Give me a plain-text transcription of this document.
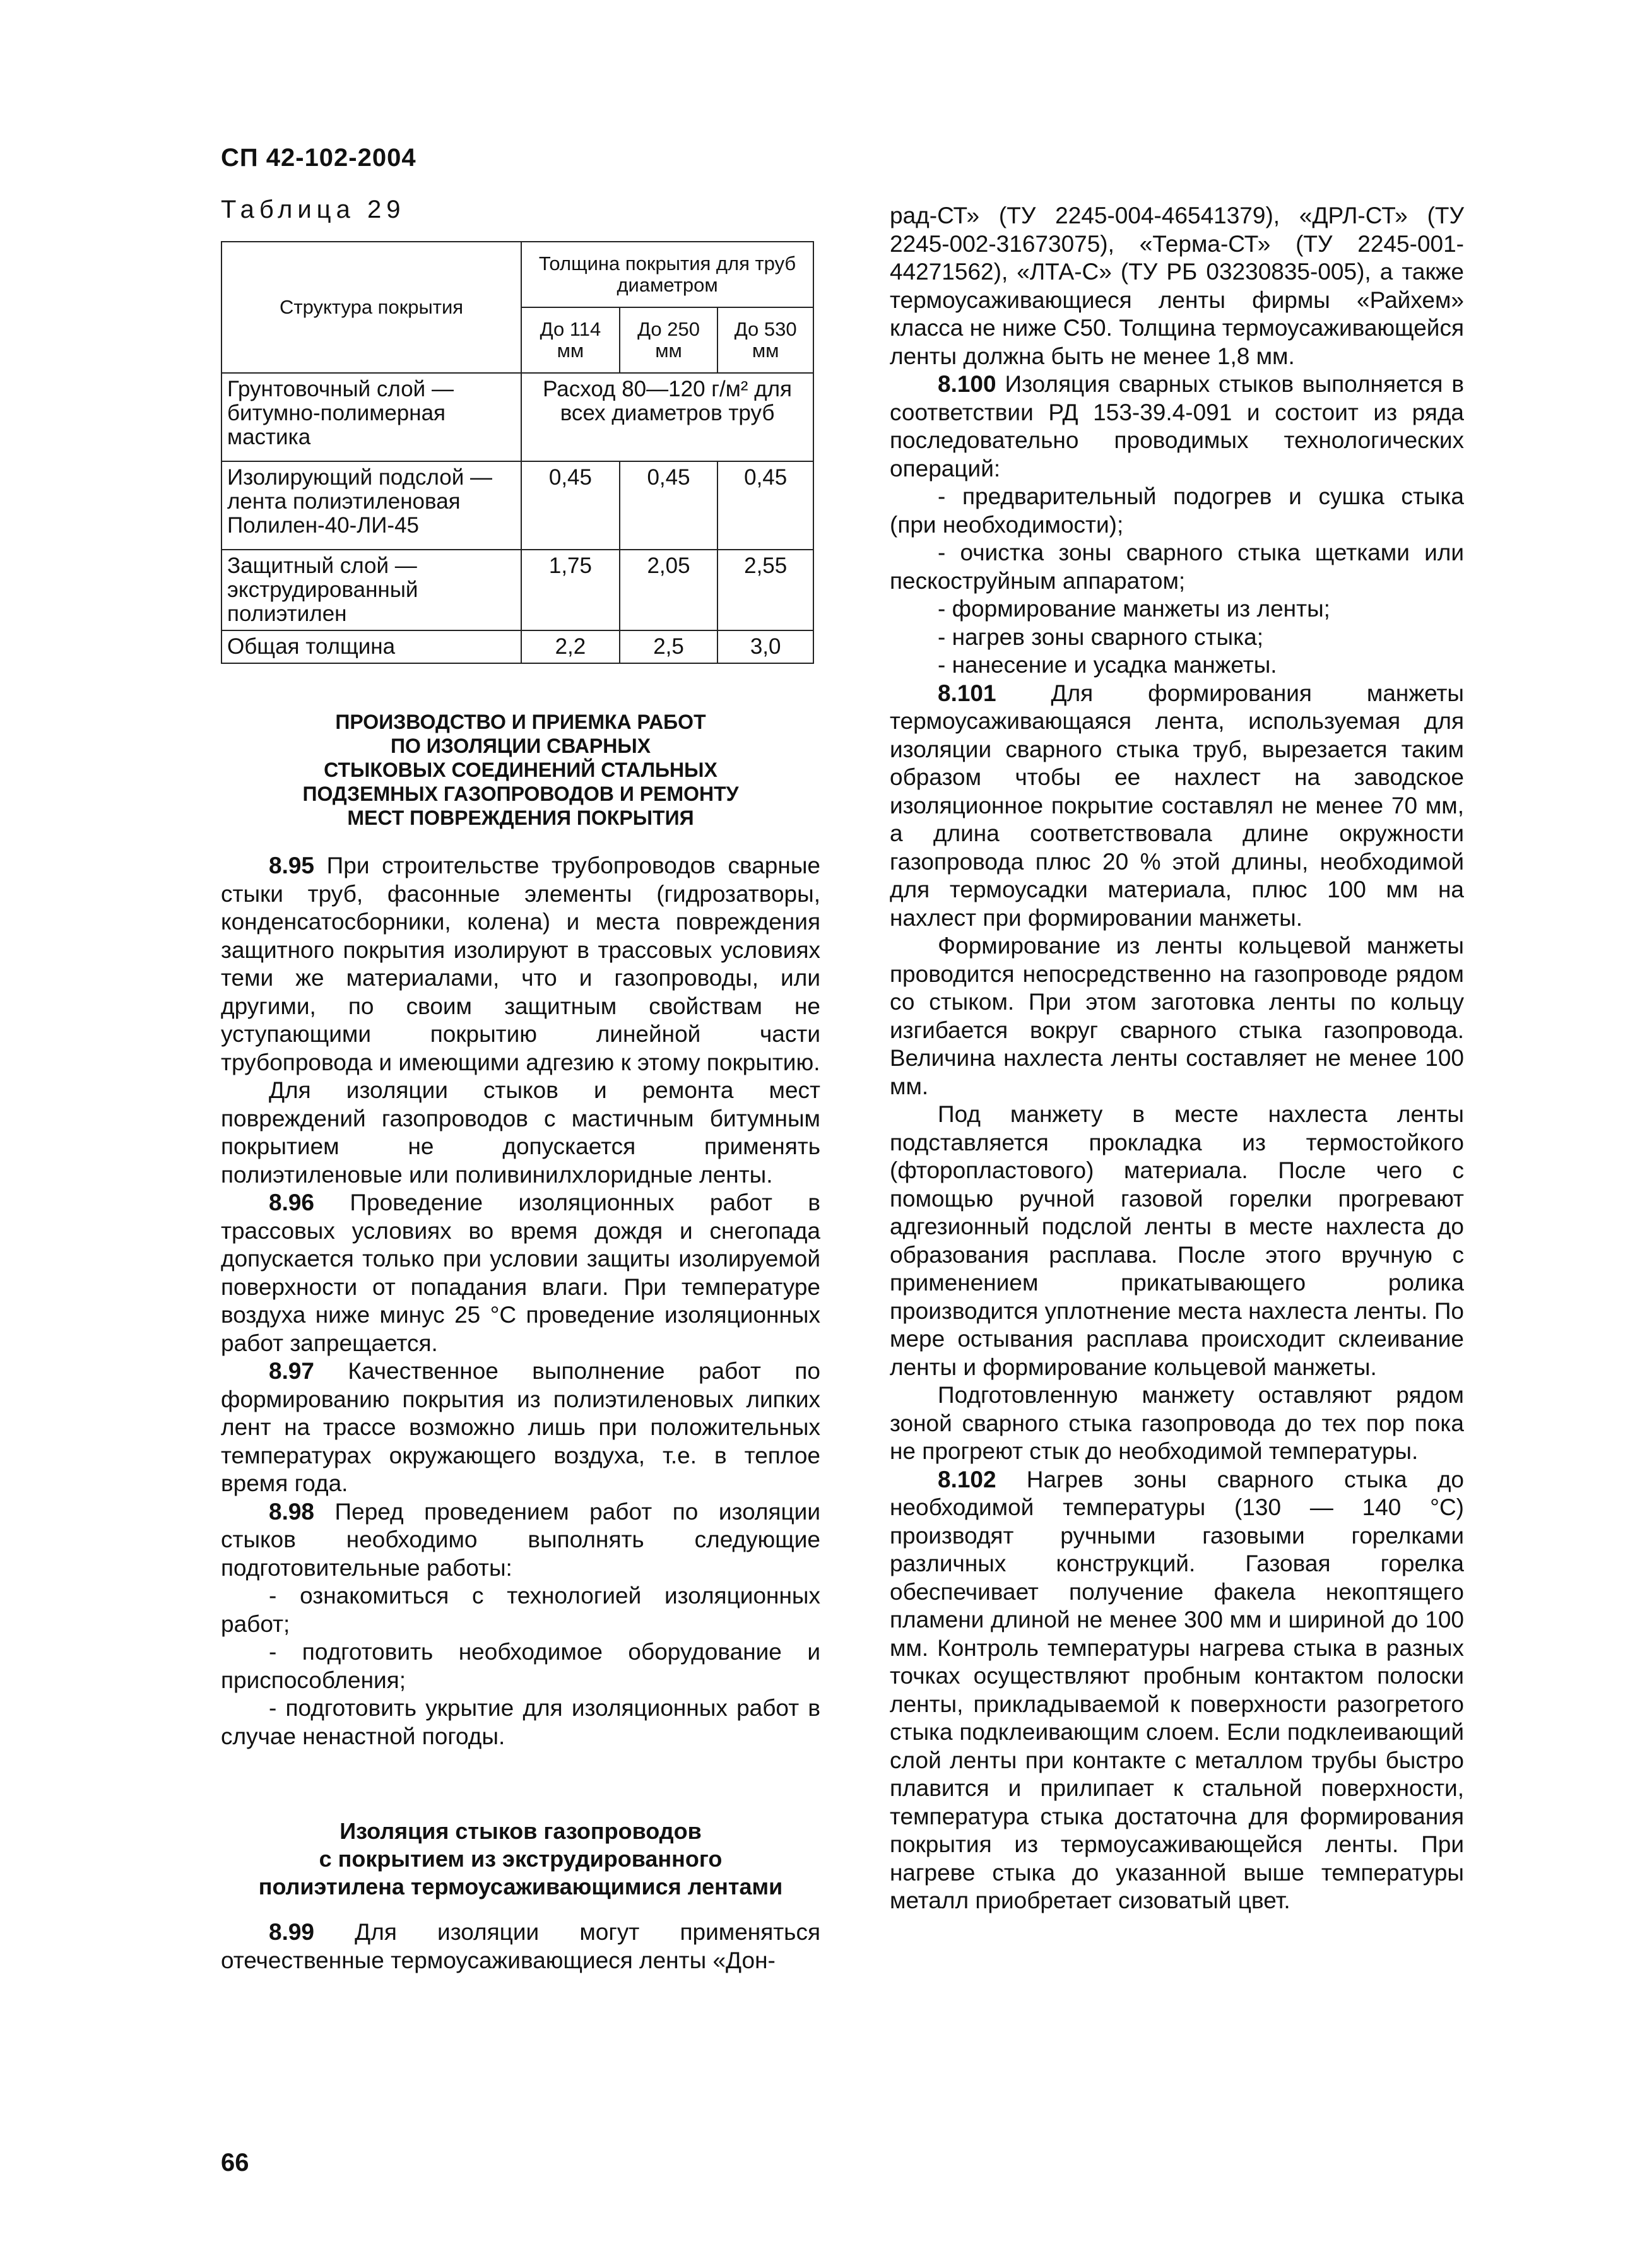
СП 42-102-2004
Таблица 29
Структура покрытия	Толщина покрытия для труб диаметром		
	До 114 мм	До 250 мм	До 530 мм
Грунтовочный слой — битумно-полимерная мастика	Расход 80—120 г/м² для всех диаметров труб		
Изолирующий подслой — лента полиэтиленовая Полилен-40-ЛИ-45	0,45	0,45	0,45
Защитный слой — экструдированный полиэтилен	1,75	2,05	2,55
Общая толщина	2,2	2,5	3,0
ПРОИЗВОДСТВО И ПРИЕМКА РАБОТ
ПО ИЗОЛЯЦИИ СВАРНЫХ
СТЫКОВЫХ СОЕДИНЕНИЙ СТАЛЬНЫХ
ПОДЗЕМНЫХ ГАЗОПРОВОДОВ И РЕМОНТУ
МЕСТ ПОВРЕЖДЕНИЯ ПОКРЫТИЯ

8.95 При строительстве трубопроводов сварные стыки труб, фасонные элементы (гидрозатворы, конденсатосборники, колена) и места повреждения защитного покрытия изолируют в трассовых условиях теми же материалами, что и газопроводы, или другими, по своим защитным свойствам не уступающими покрытию линейной части трубопровода и имеющими адгезию к этому покрытию.

Для изоляции стыков и ремонта мест повреждений газопроводов с мастичным битумным покрытием не допускается применять полиэтиленовые или поливинилхлоридные ленты.

8.96 Проведение изоляционных работ в трассовых условиях во время дождя и снегопада допускается только при условии защиты изолируемой поверхности от попадания влаги. При температуре воздуха ниже минус 25 °С проведение изоляционных работ запрещается.

8.97 Качественное выполнение работ по формированию покрытия из полиэтиленовых липких лент на трассе возможно лишь при положительных температурах окружающего воздуха, т.е. в теплое время года.

8.98 Перед проведением работ по изоляции стыков необходимо выполнять следующие подготовительные работы:

- ознакомиться с технологией изоляционных работ;

- подготовить необходимое оборудование и приспособления;

- подготовить укрытие для изоляционных работ в случае ненастной погоды.

Изоляция стыков газопроводов
с покрытием из экструдированного
полиэтилена термоусаживающимися лентами

8.99 Для изоляции могут применяться отечественные термоусаживающиеся ленты «Дон-

рад-СТ» (ТУ 2245-004-46541379), «ДРЛ-СТ» (ТУ 2245-002-31673075), «Терма-СТ» (ТУ 2245-001-44271562), «ЛТА-С» (ТУ РБ 03230835-005), а также термоусаживающиеся ленты фирмы «Райхем» класса не ниже С50. Толщина термоусаживающейся ленты должна быть не менее 1,8 мм.

8.100 Изоляция сварных стыков выполняется в соответствии РД 153-39.4-091 и состоит из ряда последовательно проводимых технологических операций:

- предварительный подогрев и сушка стыка (при необходимости);

- очистка зоны сварного стыка щетками или пескоструйным аппаратом;

- формирование манжеты из ленты;

- нагрев зоны сварного стыка;

- нанесение и усадка манжеты.

8.101 Для формирования манжеты термоусаживающаяся лента, используемая для изоляции сварного стыка труб, вырезается таким образом чтобы ее нахлест на заводское изоляционное покрытие составлял не менее 70 мм, а длина соответствовала длине окружности газопровода плюс 20 % этой длины, необходимой для термоусадки материала, плюс 100 мм на нахлест при формировании манжеты.

Формирование из ленты кольцевой манжеты проводится непосредственно на газопроводе рядом со стыком. При этом заготовка ленты по кольцу изгибается вокруг сварного стыка газопровода. Величина нахлеста ленты составляет не менее 100 мм.

Под манжету в месте нахлеста ленты подставляется прокладка из термостойкого (фторопластового) материала. После чего с помощью ручной газовой горелки прогревают адгезионный подслой ленты в месте нахлеста до образования расплава. После этого вручную с применением прикатывающего ролика производится уплотнение места нахлеста ленты. По мере остывания расплава происходит склеивание ленты и формирование кольцевой манжеты.

Подготовленную манжету оставляют рядом зоной сварного стыка газопровода до тех пор пока не прогреют стык до необходимой температуры.

8.102 Нагрев зоны сварного стыка до необходимой температуры (130 — 140 °С) производят ручными газовыми горелками различных конструкций. Газовая горелка обеспечивает получение факела некоптящего пламени длиной не менее 300 мм и шириной до 100 мм. Контроль температуры нагрева стыка в разных точках осуществляют пробным контактом полоски ленты, прикладываемой к поверхности разогретого стыка подклеивающим слоем. Если подклеивающий слой ленты при контакте с металлом трубы быстро плавится и прилипает к стальной поверхности, температура стыка достаточна для формирования покрытия из термоусаживающейся ленты. При нагреве стыка до указанной выше температуры металл приобретает сизоватый цвет.

66
